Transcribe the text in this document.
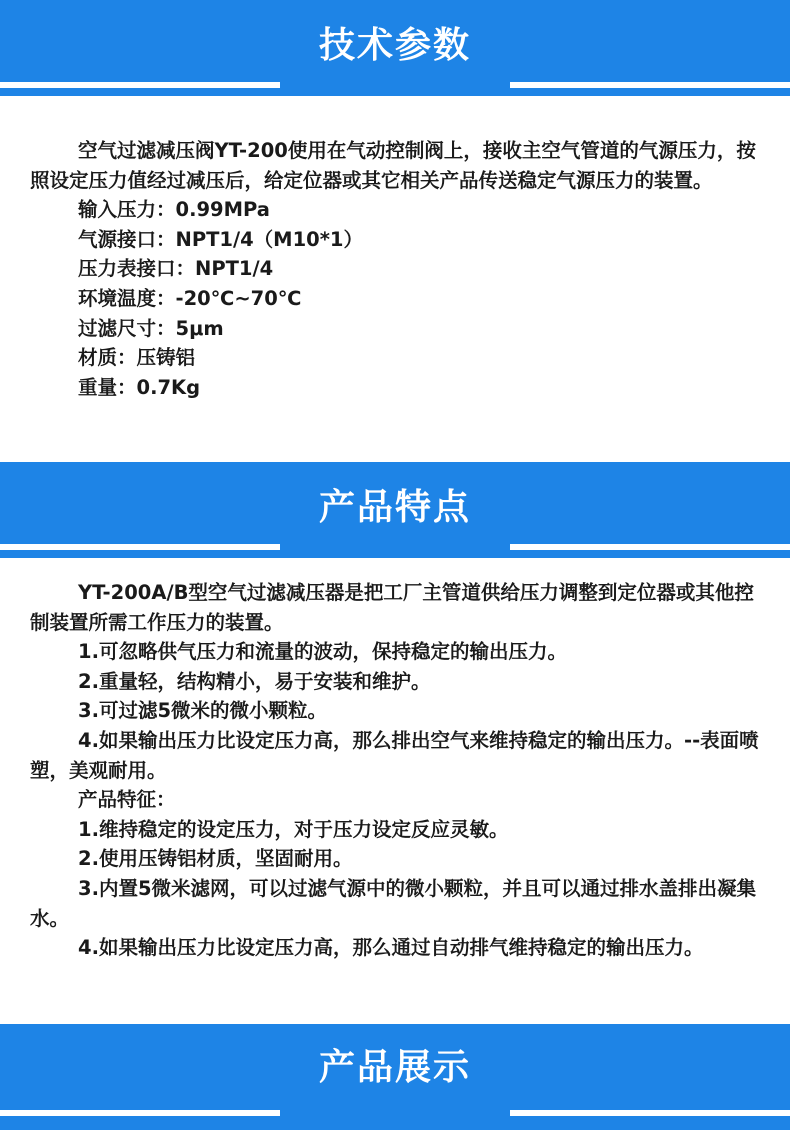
技术参数

空气过滤减压阀YT-200使用在气动控制阀上，接收主空气管道的气源压力，按照设定压力值经过减压后，给定位器或其它相关产品传送稳定气源压力的装置。

输入压力：0.99MPa

气源接口：NPT1/4（M10*1）

压力表接口：NPT1/4

环境温度：-20℃~70℃

过滤尺寸：5μm

材质：压铸铝

重量：0.7Kg

产品特点

YT-200A/B型空气过滤减压器是把工厂主管道供给压力调整到定位器或其他控制装置所需工作压力的装置。

1.可忽略供气压力和流量的波动，保持稳定的输出压力。

2.重量轻，结构精小，易于安装和维护。

3.可过滤5微米的微小颗粒。

4.如果输出压力比设定压力高，那么排出空气来维持稳定的输出压力。--表面喷塑，美观耐用。

产品特征：

1.维持稳定的设定压力，对于压力设定反应灵敏。

2.使用压铸铝材质，坚固耐用。

3.内置5微米滤网，可以过滤气源中的微小颗粒，并且可以通过排水盖排出凝集水。

4.如果输出压力比设定压力高，那么通过自动排气维持稳定的输出压力。

产品展示
